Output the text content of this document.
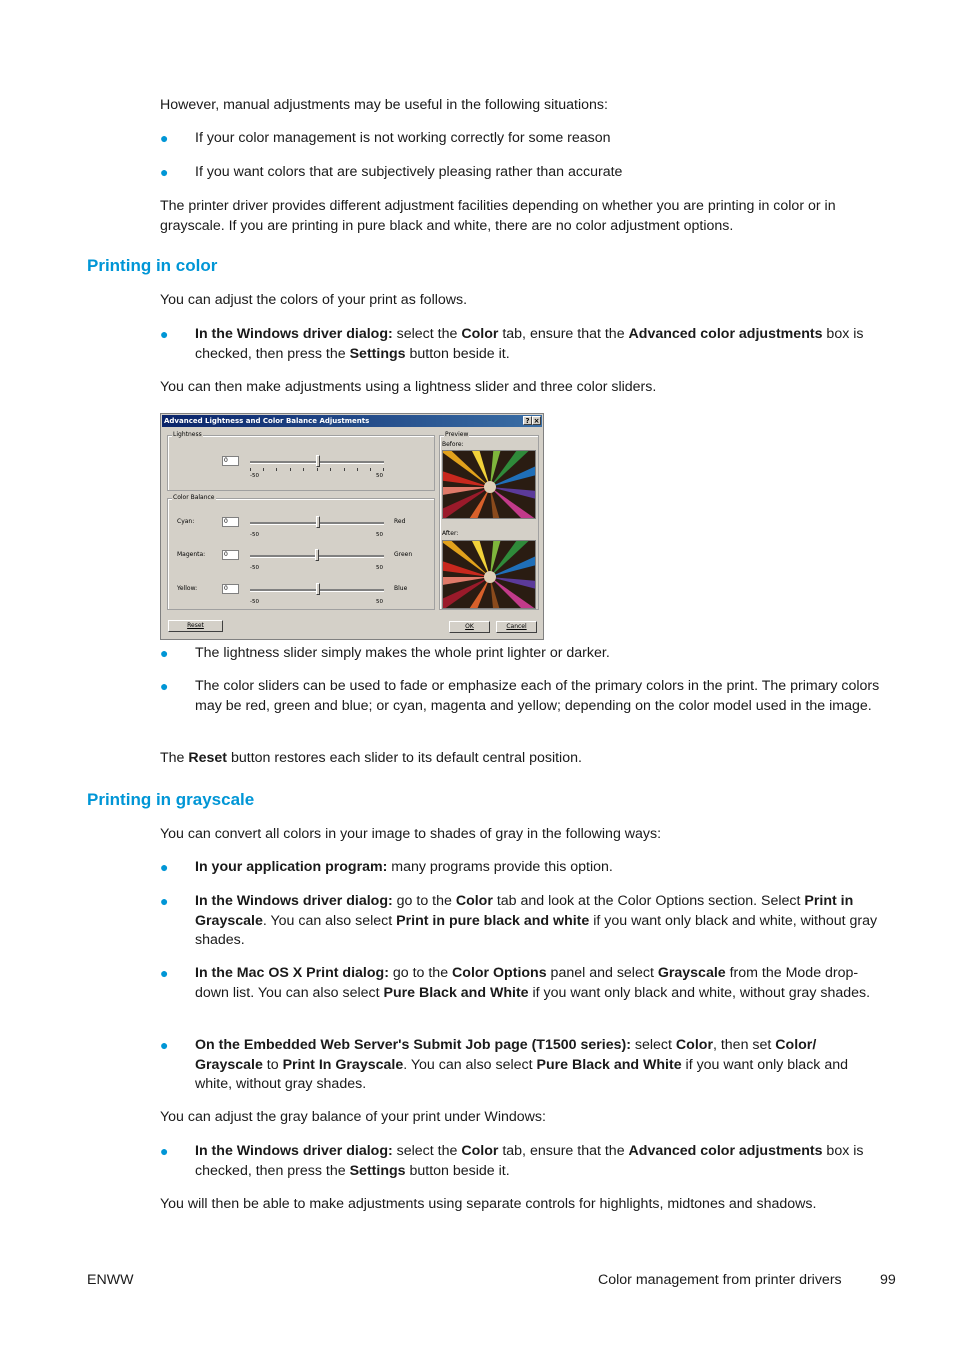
However, manual adjustments may be useful in the following situations:

● If your color management is not working correctly for some reason

● If you want colors that are subjectively pleasing rather than accurate

The printer driver provides different adjustment facilities depending on whether you are printing in color or in grayscale. If you are printing in pure black and white, there are no color adjustment options.

Printing in color

You can adjust the colors of your print as follows.

● In the Windows driver dialog: select the Color tab, ensure that the Advanced color adjustments box is checked, then press the Settings button beside it.

You can then make adjustments using a lightness slider and three color sliders.

Advanced Lightness and Color Balance Adjustments	? ×
Lightness
0
-50	50
Color Balance
Cyan:	0	Red
-50	50
Magenta:	0	Green
-50	50
Yellow:	0	Blue
-50	50
Preview
Before:
After:
Reset	OK	Cancel
● The lightness slider simply makes the whole print lighter or darker.

● The color sliders can be used to fade or emphasize each of the primary colors in the print. The primary colors may be red, green and blue; or cyan, magenta and yellow; depending on the color model used in the image.

The Reset button restores each slider to its default central position.

Printing in grayscale

You can convert all colors in your image to shades of gray in the following ways:

● In your application program: many programs provide this option.

● In the Windows driver dialog: go to the Color tab and look at the Color Options section. Select Print in Grayscale. You can also select Print in pure black and white if you want only black and white, without gray shades.

● In the Mac OS X Print dialog: go to the Color Options panel and select Grayscale from the Mode drop-down list. You can also select Pure Black and White if you want only black and white, without gray shades.

● On the Embedded Web Server's Submit Job page (T1500 series): select Color, then set Color/ Grayscale to Print In Grayscale. You can also select Pure Black and White if you want only black and white, without gray shades.

You can adjust the gray balance of your print under Windows:

● In the Windows driver dialog: select the Color tab, ensure that the Advanced color adjustments box is checked, then press the Settings button beside it.

You will then be able to make adjustments using separate controls for highlights, midtones and shadows.

ENWW	Color management from printer drivers	99
